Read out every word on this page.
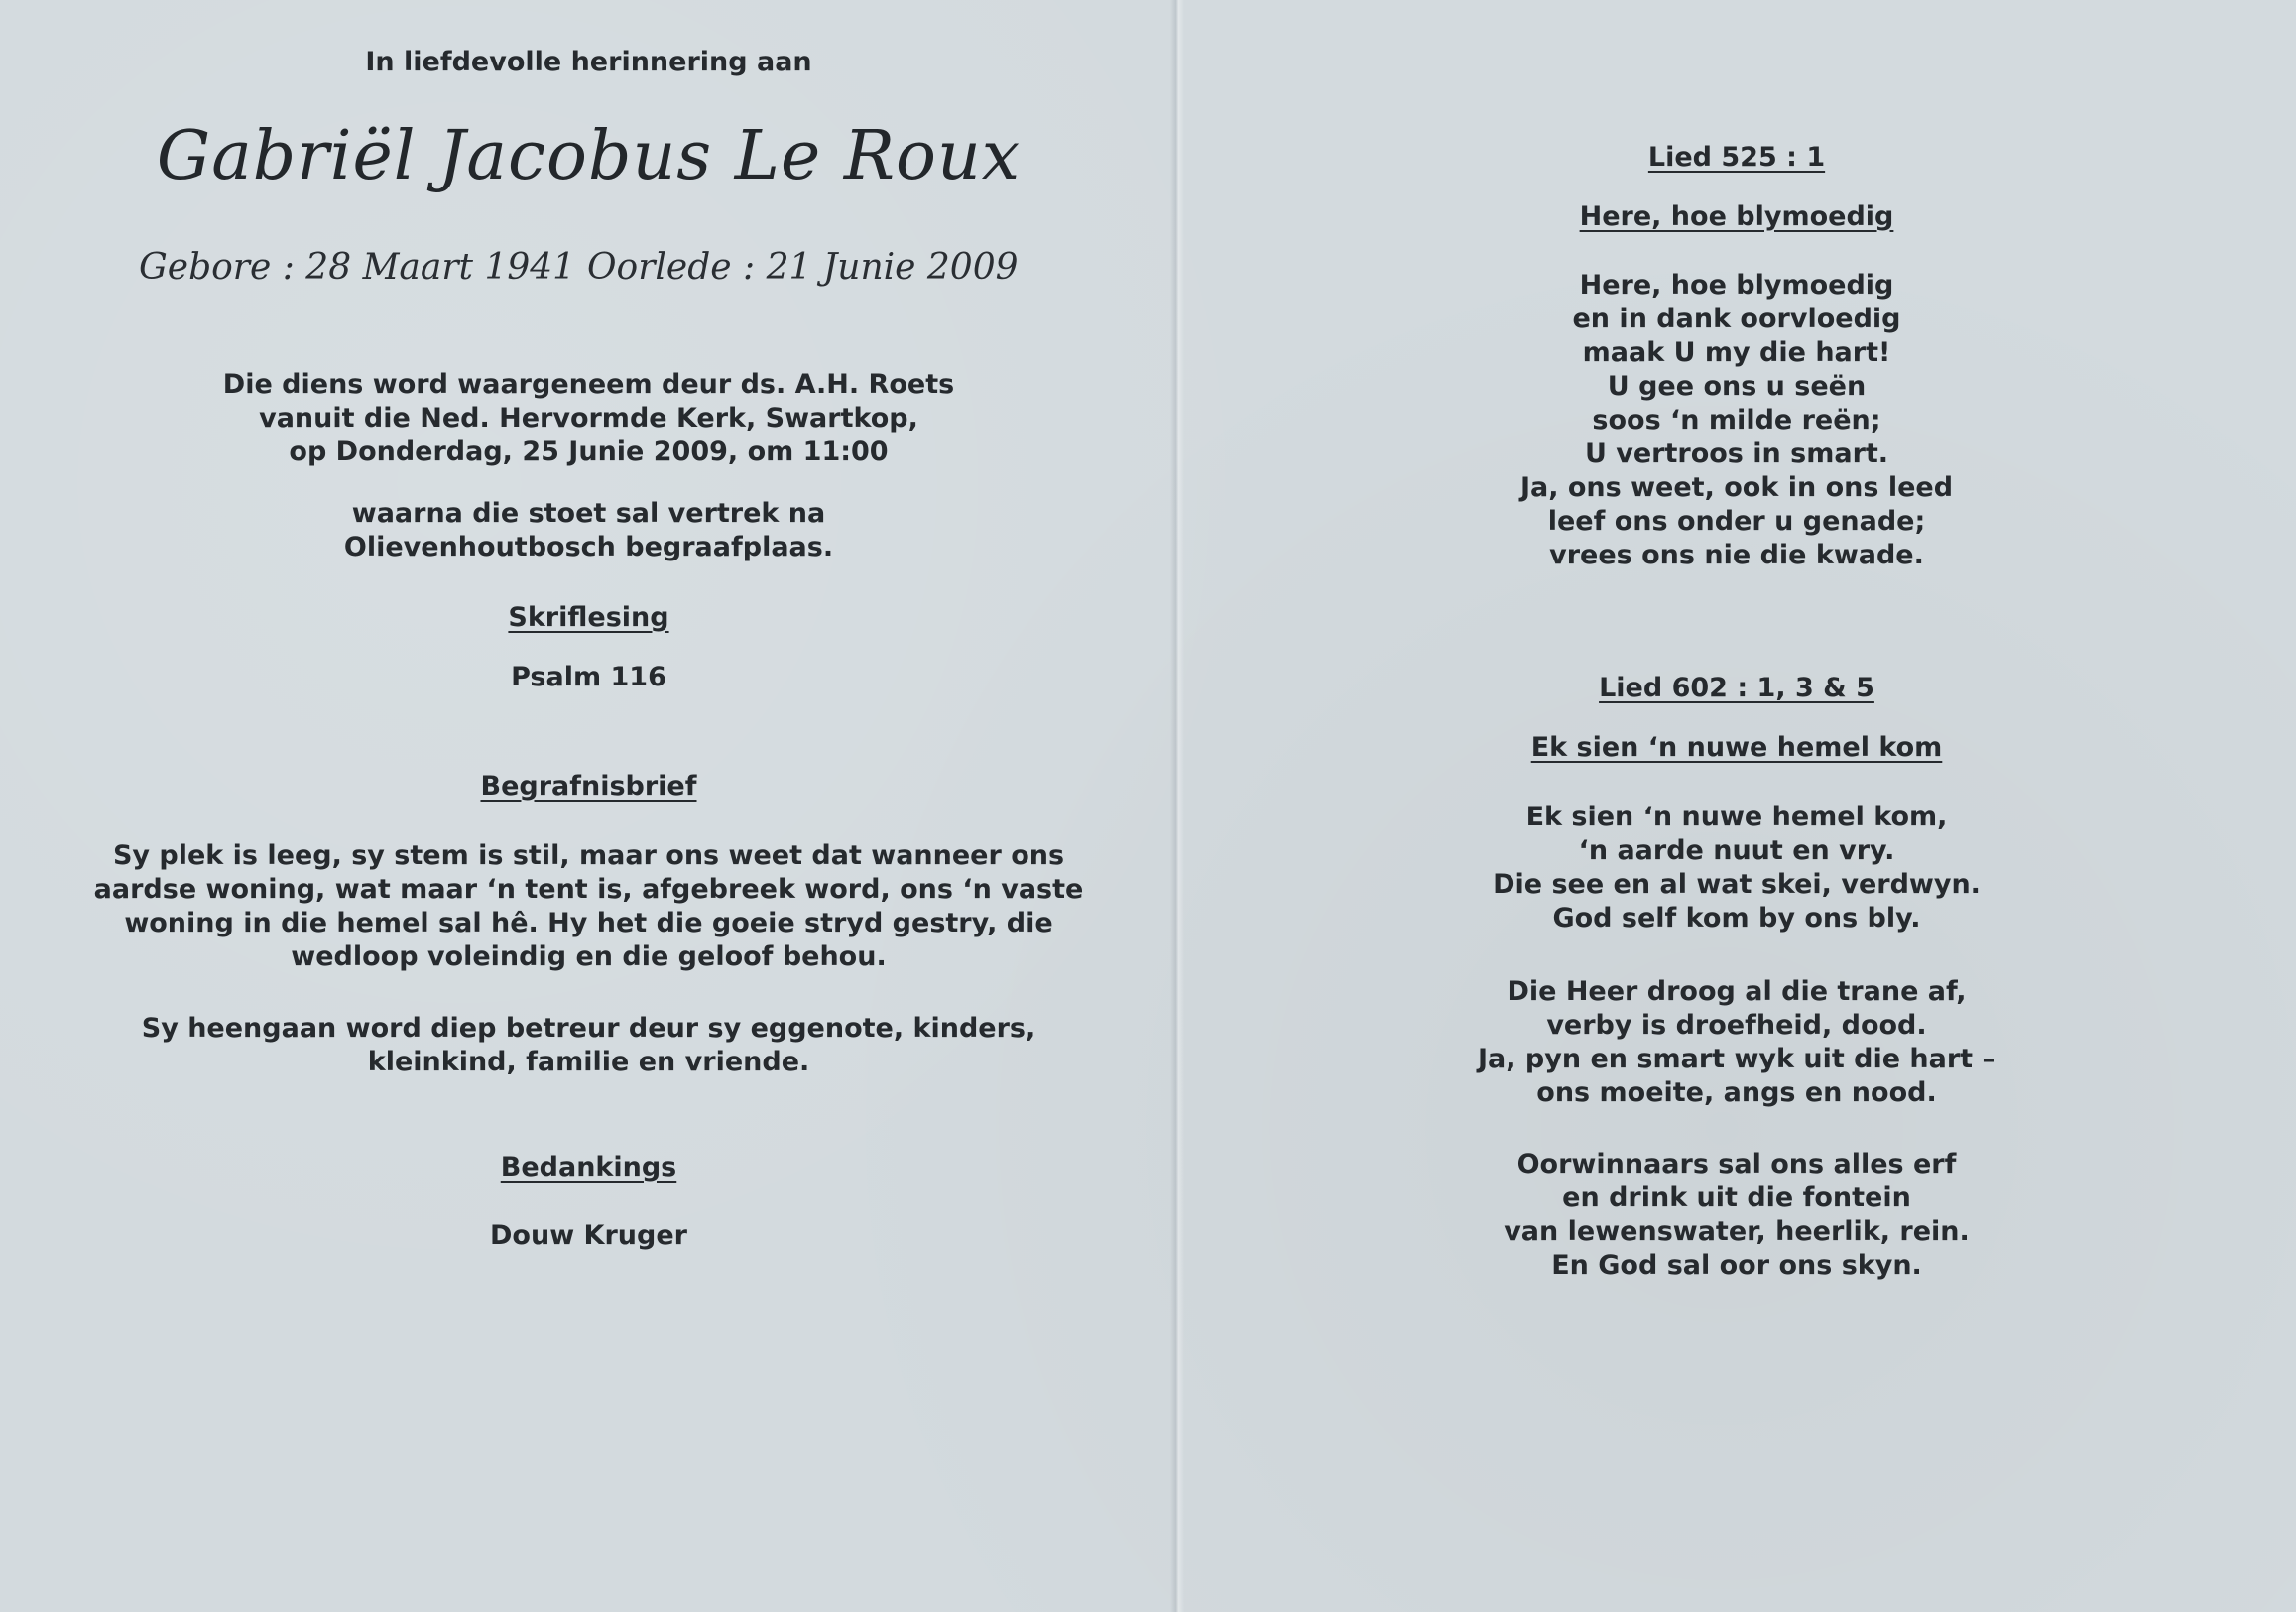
In liefdevolle herinnering aan
Gabriël Jacobus Le Roux
Gebore : 28 Maart 1941 Oorlede : 21 Junie 2009
Die diens word waargeneem deur ds. A.H. Roets
vanuit die Ned. Hervormde Kerk, Swartkop,
op Donderdag, 25 Junie 2009, om 11:00
waarna die stoet sal vertrek na
Olievenhoutbosch begraafplaas.
Skriflesing
Psalm 116
Begrafnisbrief
Sy plek is leeg, sy stem is stil, maar ons weet dat wanneer ons
aardse woning, wat maar ‘n tent is, afgebreek word, ons ‘n vaste
woning in die hemel sal hê. Hy het die goeie stryd gestry, die
wedloop voleindig en die geloof behou.
Sy heengaan word diep betreur deur sy eggenote, kinders,
kleinkind, familie en vriende.
Bedankings
Douw Kruger
Lied 525 : 1
Here, hoe blymoedig
Here, hoe blymoedig
en in dank oorvloedig
maak U my die hart!
U gee ons u seën
soos ‘n milde reën;
U vertroos in smart.
Ja, ons weet, ook in ons leed
leef ons onder u genade;
vrees ons nie die kwade.
Lied 602 : 1, 3 & 5
Ek sien ‘n nuwe hemel kom
Ek sien ‘n nuwe hemel kom,
‘n aarde nuut en vry.
Die see en al wat skei, verdwyn.
God self kom by ons bly.
Die Heer droog al die trane af,
verby is droefheid, dood.
Ja, pyn en smart wyk uit die hart –
ons moeite, angs en nood.
Oorwinnaars sal ons alles erf
en drink uit die fontein
van lewenswater, heerlik, rein.
En God sal oor ons skyn.
